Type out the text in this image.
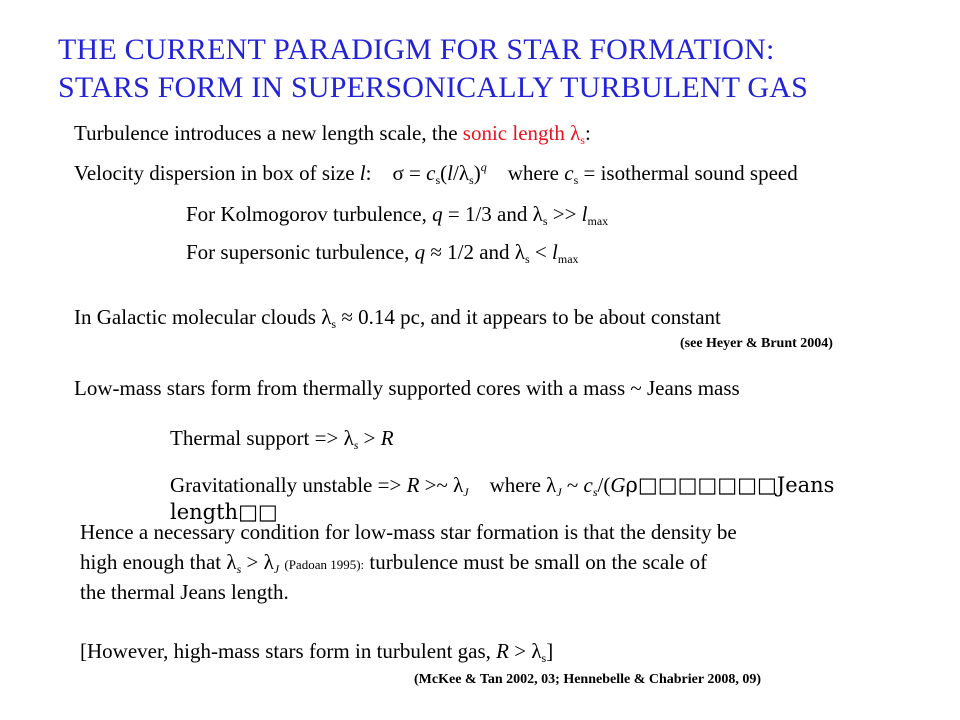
THE CURRENT PARADIGM FOR STAR FORMATION:
STARS FORM IN SUPERSONICALLY TURBULENT GAS
Turbulence introduces a new length scale, the sonic length $\lambda_s$:
Velocity dispersion in box of size l:    $\sigma = c_s(l/\lambda_s)^q$    where $c_s$ = isothermal sound speed
For Kolmogorov turbulence, q = 1/3 and $\lambda_s >> l_{max}$
For supersonic turbulence, q ≈ 1/2 and $\lambda_s < l_{max}$
In Galactic molecular clouds $\lambda_s \approx 0.14$ pc, and it appears to be about constant
(see Heyer & Brunt 2004)
Low-mass stars form from thermally supported cores with a mass ~ Jeans mass
Thermal support => $\lambda_s > R$
Gravitationally unstable => R >~ $\lambda_J$    where $\lambda_J$ ~ $c_s/(G\rho□□□□□□□Jeans$
length□□
Hence a necessary condition for low-mass star formation is that the density be
high enough that $\lambda_s > \lambda_J$ (Padoan 1995): turbulence must be small on the scale of
the thermal Jeans length.
[However, high-mass stars form in turbulent gas, $R > \lambda_s$]
(McKee & Tan 2002, 03; Hennebelle & Chabrier 2008, 09)
